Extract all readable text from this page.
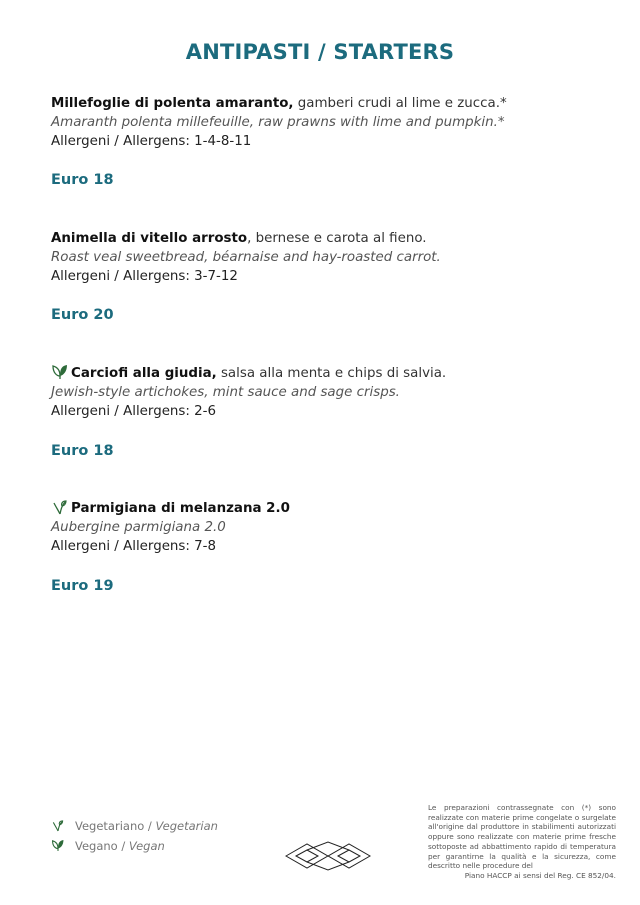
ANTIPASTI / STARTERS
Millefoglie di polenta amaranto, gamberi crudi al lime e zucca.*
Amaranth polenta millefeuille, raw prawns with lime and pumpkin.*
Allergeni / Allergens: 1-4-8-11
Euro 18
Animella di vitello arrosto, bernese e carota al fieno.
Roast veal sweetbread, béarnaise and hay-roasted carrot.
Allergeni / Allergens: 3-7-12
Euro 20
Carciofi alla giudia, salsa alla menta e chips di salvia.
Jewish-style artichokes, mint sauce and sage crisps.
Allergeni / Allergens: 2-6
Euro 18
Parmigiana di melanzana 2.0
Aubergine parmigiana 2.0
Allergeni / Allergens: 7-8
Euro 19
Vegetariano / Vegetarian
Vegano / Vegan
Le preparazioni contrassegnate con (*) sono realizzate con materie prime congelate o surgelate all'origine dal produttore in stabilimenti autorizzati oppure sono realizzate con materie prime fresche sottoposte ad abbattimento rapido di temperatura per garantirne la qualità e la sicurezza, come descritto nelle procedure del
Piano HACCP ai sensi del Reg. CE 852/04.
